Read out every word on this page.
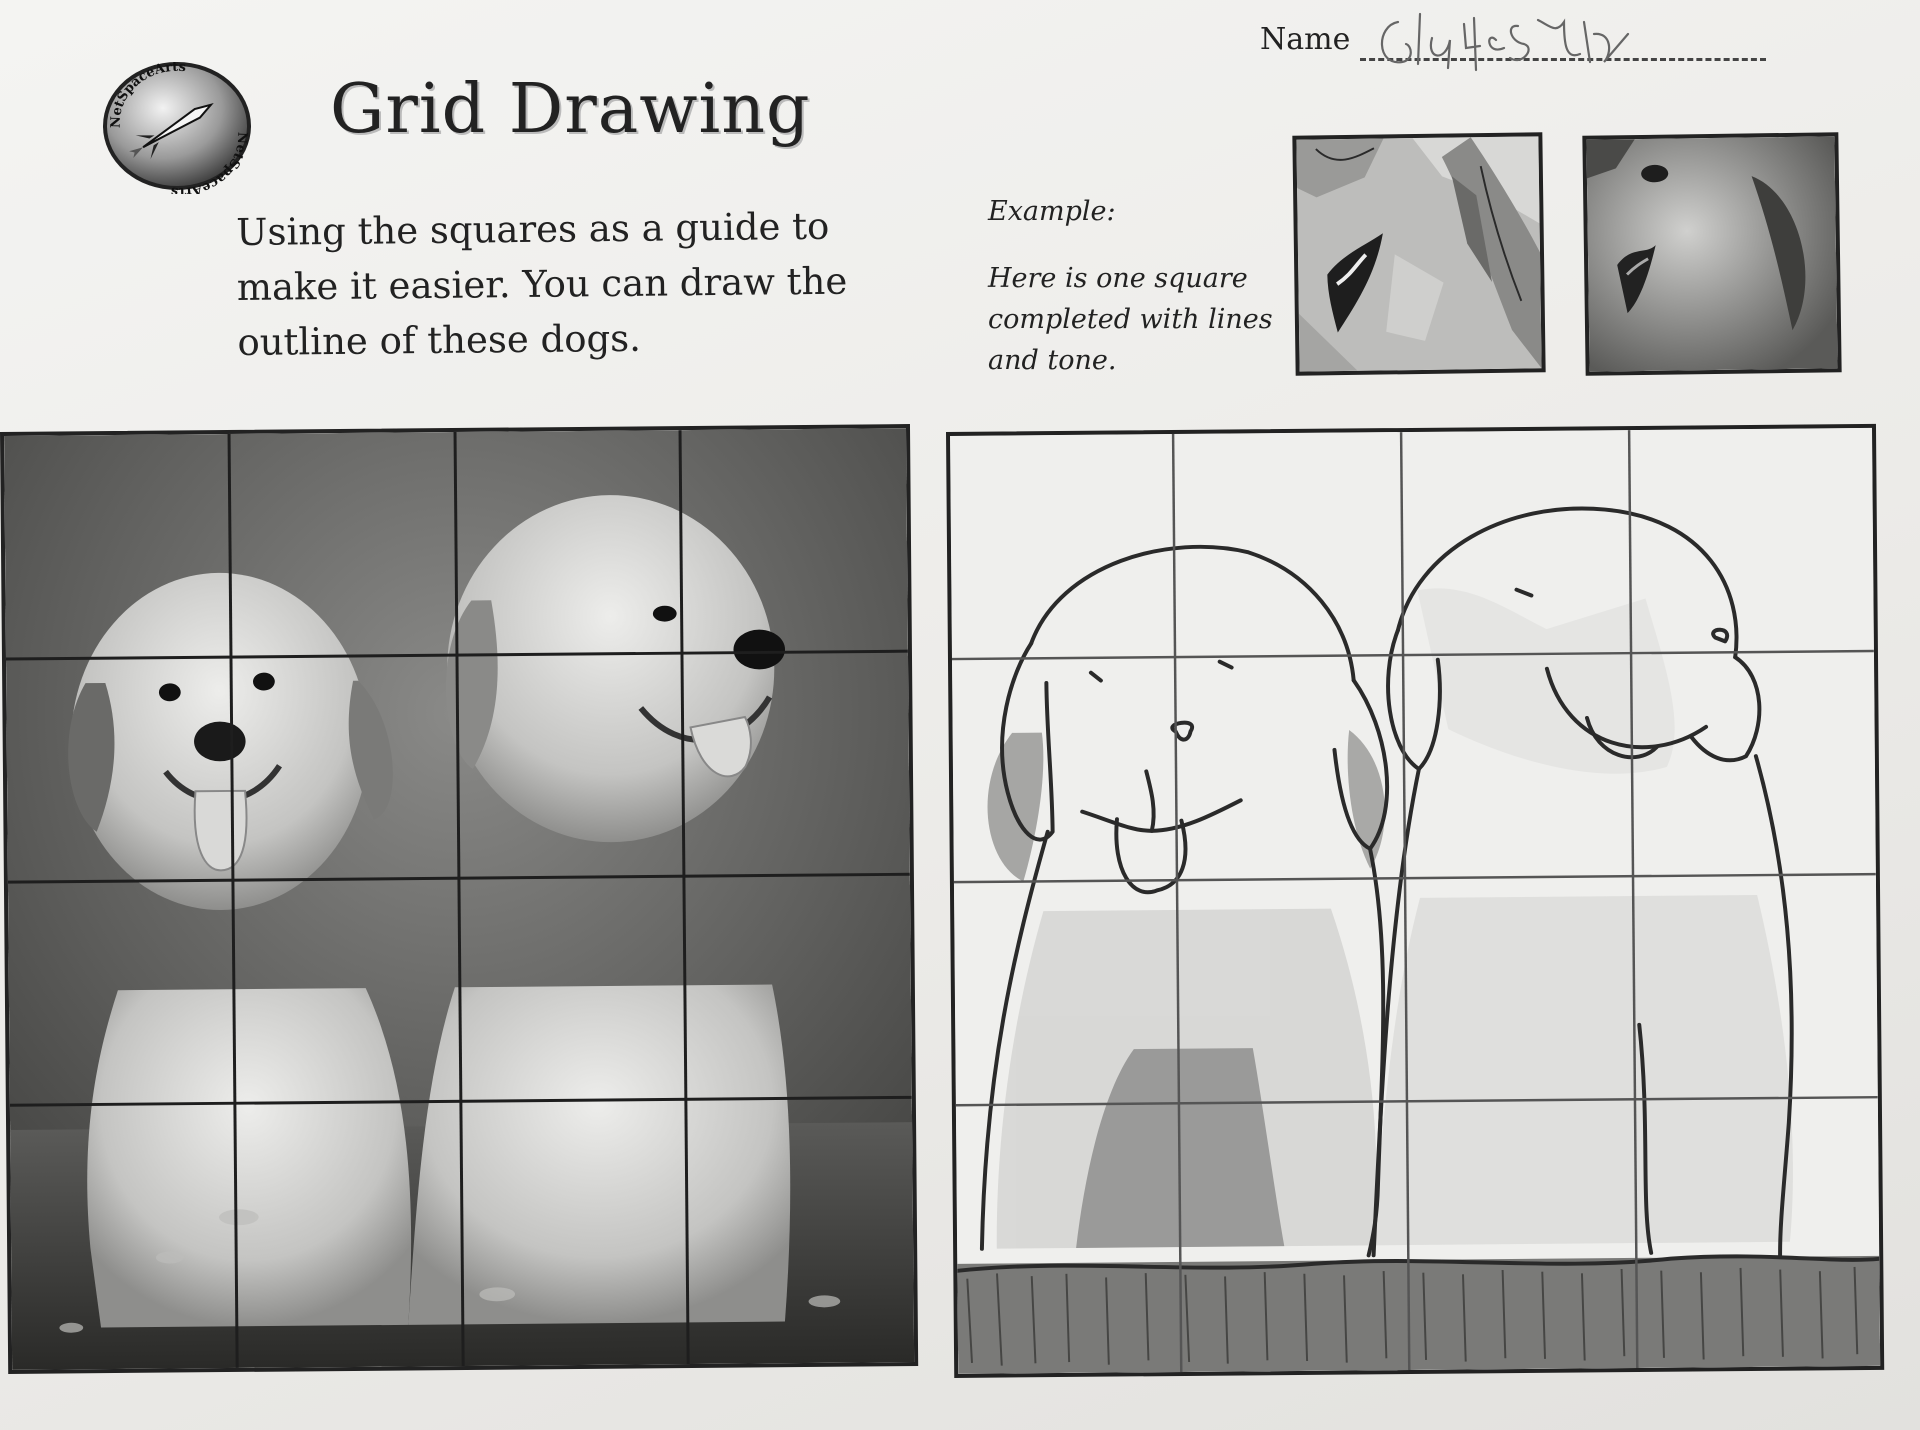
NetSpaceArts
NetSpaceArts
Grid Drawing
Using the squares as a guide to make it easier. You can draw the outline of these dogs.
Name
Example:
Here is one square completed with lines and tone.
